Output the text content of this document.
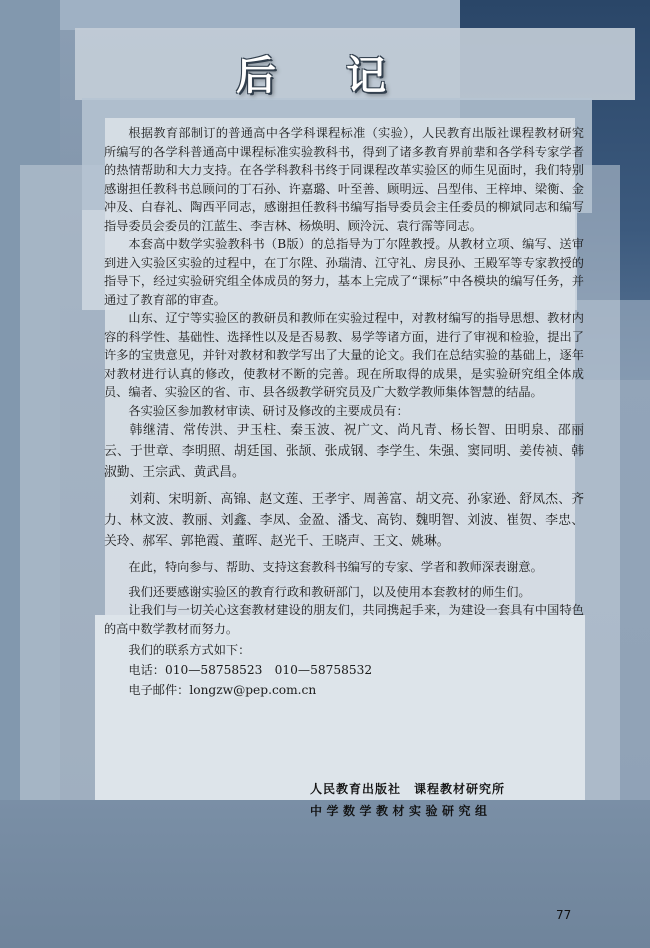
后 记

根据教育部制订的普通高中各学科课程标准（实验），人民教育出版社课程教材研究所编写的各学科普通高中课程标准实验教科书，得到了诸多教育界前辈和各学科专家学者的热情帮助和大力支持。在各学科教科书终于同课程改革实验区的师生见面时，我们特别感谢担任教科书总顾问的丁石孙、许嘉璐、叶至善、顾明远、吕型伟、王梓坤、梁衡、金冲及、白春礼、陶西平同志，感谢担任教科书编写指导委员会主任委员的柳斌同志和编写指导委员会委员的江蓝生、李吉林、杨焕明、顾泠沅、袁行霈等同志。

本套高中数学实验教科书（B版）的总指导为丁尔陞教授。从教材立项、编写、送审到进入实验区实验的过程中，在丁尔陞、孙瑞清、江守礼、房艮孙、王殿军等专家教授的指导下，经过实验研究组全体成员的努力，基本上完成了“课标”中各模块的编写任务，并通过了教育部的审查。

山东、辽宁等实验区的教研员和教师在实验过程中，对教材编写的指导思想、教材内容的科学性、基础性、选择性以及是否易教、易学等诸方面，进行了审视和检验，提出了许多的宝贵意见，并针对教材和教学写出了大量的论文。我们在总结实验的基础上，逐年对教材进行认真的修改，使教材不断的完善。现在所取得的成果，是实验研究组全体成员、编者、实验区的省、市、县各级教学研究员及广大数学教师集体智慧的结晶。

各实验区参加教材审读、研讨及修改的主要成员有：

韩继清、常传洪、尹玉柱、秦玉波、祝广文、尚凡青、杨长智、田明泉、邵丽云、于世章、李明照、胡廷国、张颉、张成钢、李学生、朱强、窦同明、姜传祯、韩淑勤、王宗武、黄武昌。

刘莉、宋明新、高锦、赵文莲、王孝宇、周善富、胡文亮、孙家逊、舒凤杰、齐力、林文波、教丽、刘鑫、李凤、金盈、潘戈、高钧、魏明智、刘波、崔贺、李忠、关玲、郝军、郭艳霞、董晖、赵光千、王晓声、王文、姚琳。

在此，特向参与、帮助、支持这套教科书编写的专家、学者和教师深表谢意。

我们还要感谢实验区的教育行政和教研部门，以及使用本套教材的师生们。

让我们与一切关心这套教材建设的朋友们，共同携起手来，为建设一套具有中国特色的高中数学教材而努力。

我们的联系方式如下：

电话：010—58758523　010—58758532

电子邮件：longzw@pep.com.cn

人民教育出版社　课程教材研究所
中学数学教材实验研究组
77
